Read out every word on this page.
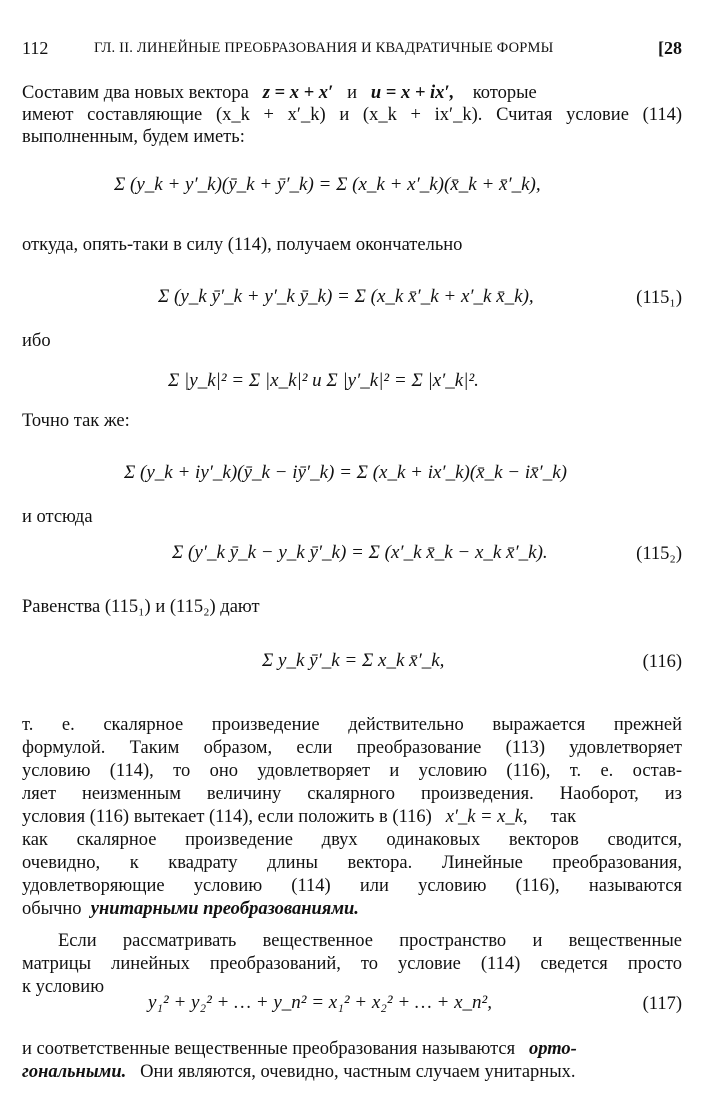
112	ГЛ. II. ЛИНЕЙНЫЕ ПРЕОБРАЗОВАНИЯ И КВАДРАТИЧНЫЕ ФОРМЫ	[28
Составим два новых вектора z = x + x′ и u = x + ix′, которые
имеют составляющие (x_k + x′_k) и (x_k + ix′_k). Считая условие (114)
выполненным, будем иметь:
Σ (y_k + y′_k)(ȳ_k + ȳ′_k) = Σ (x_k + x′_k)(x̄_k + x̄′_k),
откуда, опять-таки в силу (114), получаем окончательно
Σ (y_k ȳ′_k + y′_k ȳ_k) = Σ (x_k x̄′_k + x′_k x̄_k),	(115₁)
ибо
Σ |y_k|² = Σ |x_k|² и Σ |y′_k|² = Σ |x′_k|².
Точно так же:
Σ (y_k + iy′_k)(ȳ_k − iȳ′_k) = Σ (x_k + ix′_k)(x̄_k − ix̄′_k)
и отсюда
Σ (y′_k ȳ_k − y_k ȳ′_k) = Σ (x′_k x̄_k − x_k x̄′_k).	(115₂)
Равенства (115₁) и (115₂) дают
Σ y_k ȳ′_k = Σ x_k x̄′_k,	(116)
т. е. скалярное произведение действительно выражается прежней
формулой. Таким образом, если преобразование (113) удовлетворяет
условию (114), то оно удовлетворяет и условию (116), т. е. остав-
ляет неизменным величину скалярного произведения. Наоборот, из
условия (116) вытекает (114), если положить в (116) x′_k = x_k, так
как скалярное произведение двух одинаковых векторов сводится,
очевидно, к квадрату длины вектора. Линейные преобразования,
удовлетворяющие условию (114) или условию (116), называются
обычно унитарными преобразованиями.
Если рассматривать вещественное пространство и вещественные
матрицы линейных преобразований, то условие (114) сведется просто
к условию
y₁² + y₂² + … + y_n² = x₁² + x₂² + … + x_n²,	(117)
и соответственные вещественные преобразования называются орто-
гональными. Они являются, очевидно, частным случаем унитарных.
